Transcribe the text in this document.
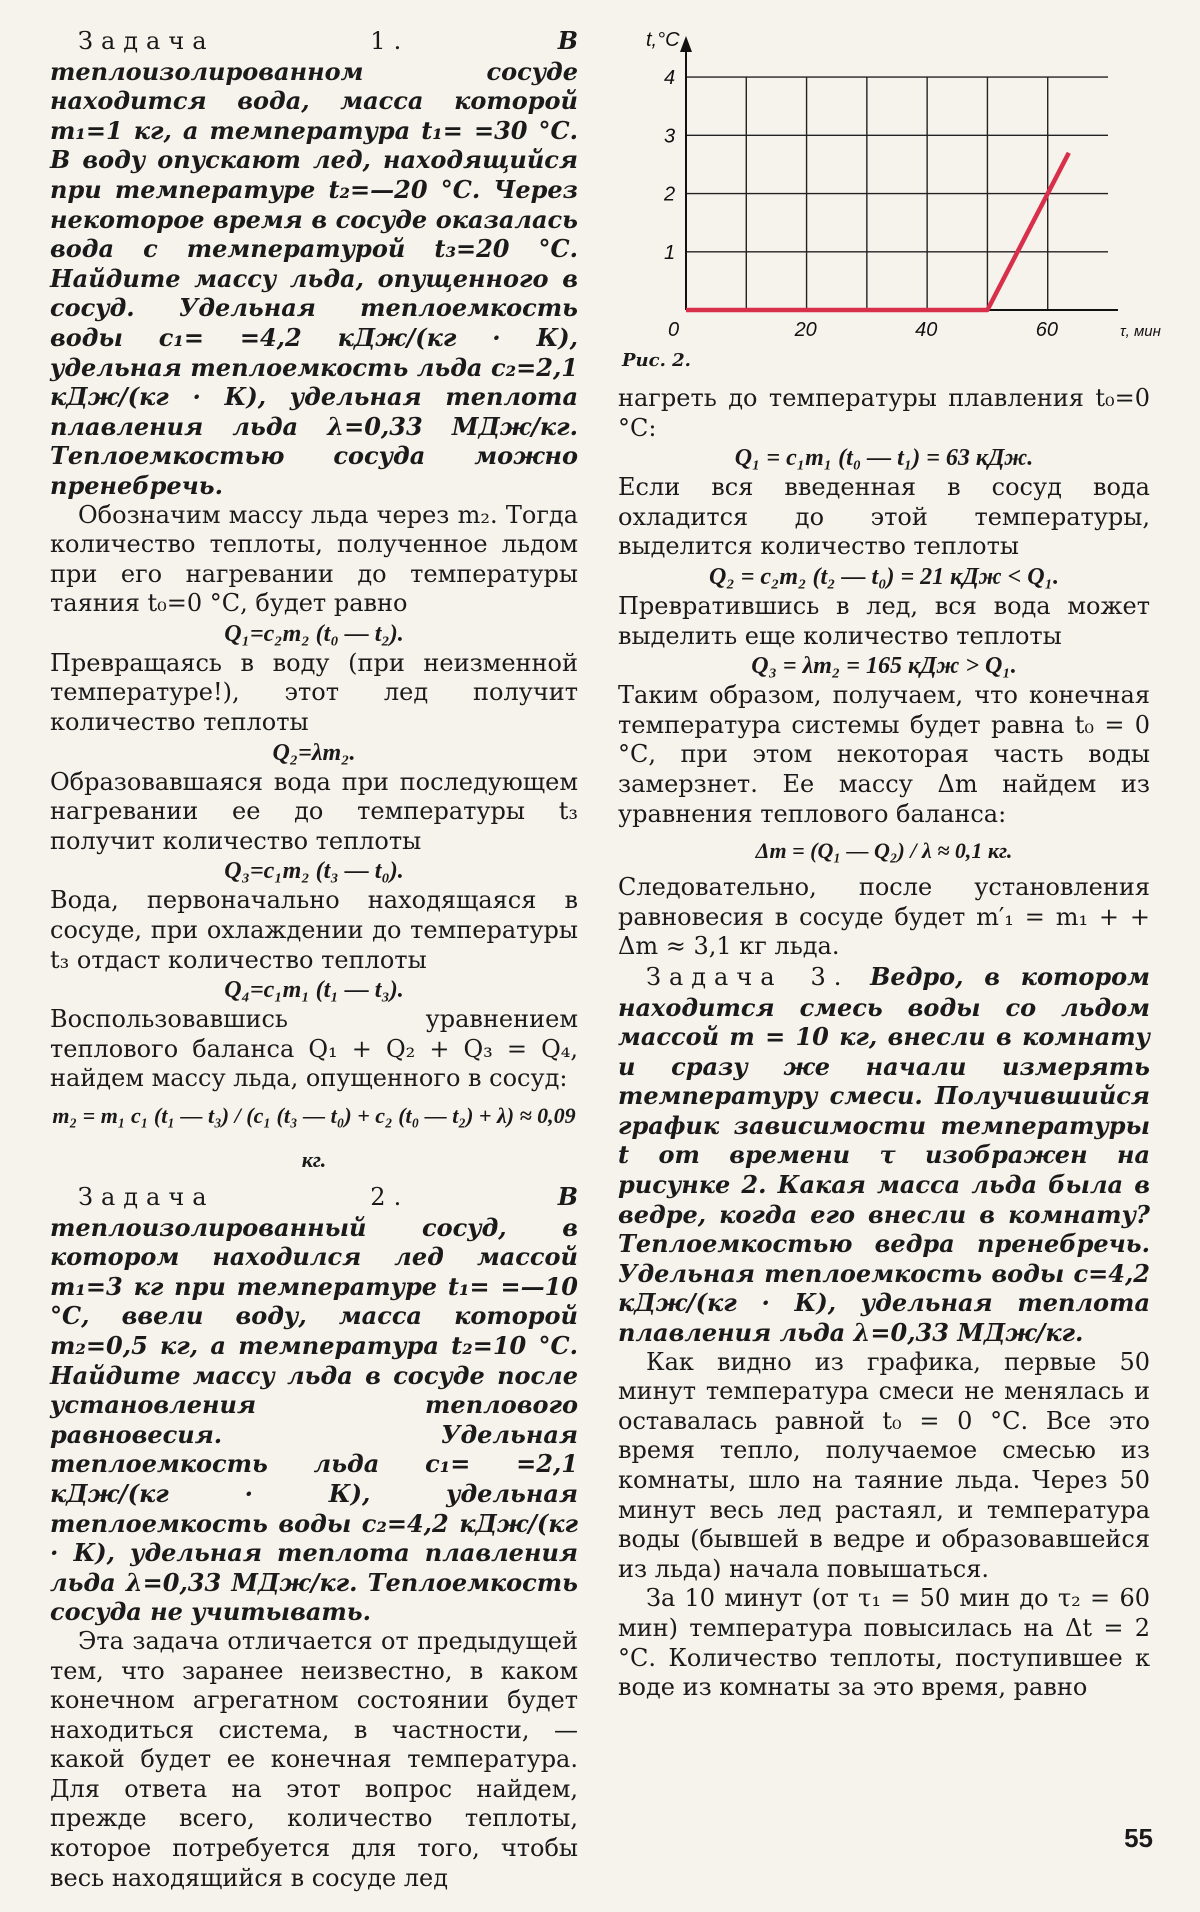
Задача 1.	В теплоизолированном сосуде находится вода, масса которой m₁=1 кг, а температура t₁= =30 °С. В воду опускают лед, находящийся при температуре t₂=—20 °С. Через некоторое время в сосуде оказалась вода с температурой t₃=20 °С. Найдите массу льда, опущенного в сосуд. Удельная теплоемкость воды c₁= =4,2 кДж/(кг · К), удельная теплоемкость льда c₂=2,1 кДж/(кг · К), удельная теплота плавления льда λ=0,33 МДж/кг. Теплоемкостью сосуда можно пренебречь.

Обозначим массу льда через m₂. Тогда количество теплоты, полученное льдом при его нагревании до температуры таяния t₀=0 °С, будет равно

Q₁=c₂m₂ (t₀ — t₂).

Превращаясь в воду (при неизменной температуре!), этот лед получит количество теплоты

Q₂=λm₂.

Образовавшаяся вода при последующем нагревании ее до температуры t₃ получит количество теплоты

Q₃=c₁m₂ (t₃ — t₀).

Вода, первоначально находящаяся в сосуде, при охлаждении до температуры t₃ отдаст количество теплоты

Q₄=c₁m₁ (t₁ — t₃).

Воспользовавшись уравнением теплового баланса Q₁ + Q₂ + Q₃ = Q₄, найдем массу льда, опущенного в сосуд:

m₂ = m₁ c₁ (t₁ — t₃) / (c₁ (t₃ — t₀) + c₂ (t₀ — t₂) + λ) ≈ 0,09 кг.

Задача 2.	В теплоизолированный сосуд, в котором находился лед массой m₁=3 кг при температуре t₁= =—10 °С, ввели воду, масса которой m₂=0,5 кг, а температура t₂=10 °С. Найдите массу льда в сосуде после установления теплового равновесия. Удельная теплоемкость льда c₁= =2,1 кДж/(кг · К), удельная теплоемкость воды c₂=4,2 кДж/(кг · К), удельная теплота плавления льда λ=0,33 МДж/кг. Теплоемкость сосуда не учитывать.

Эта задача отличается от предыдущей тем, что заранее неизвестно, в каком конечном агрегатном состоянии будет находиться система, в частности, — какой будет ее конечная температура. Для ответа на этот вопрос найдем, прежде всего, количество теплоты, которое потребуется для того, чтобы весь находящийся в сосуде лед

1
2
3
4
0	20	40	60
t,°C
τ, мин
Рис. 2.

нагреть до температуры плавления t₀=0 °С:

Q₁ = c₁m₁ (t₀ — t₁) = 63 кДж.

Если вся введенная в сосуд вода охладится до этой температуры, выделится количество теплоты

Q₂ = c₂m₂ (t₂ — t₀) = 21 кДж < Q₁.

Превратившись в лед, вся вода может выделить еще количество теплоты

Q₃ = λm₂ = 165 кДж > Q₁.

Таким образом, получаем, что конечная температура системы будет равна t₀ = 0 °С, при этом некоторая часть воды замерзнет. Ее массу Δm найдем из уравнения теплового баланса:

Δm = (Q₁ — Q₂) / λ ≈ 0,1 кг.

Следовательно, после установления равновесия в сосуде будет m′₁ = m₁ + + Δm ≈ 3,1 кг льда.

Задача 3. Ведро, в котором находится смесь воды со льдом массой m = 10 кг, внесли в комнату и сразу же начали измерять температуру смеси. Получившийся график зависимости температуры t от времени τ изображен на рисунке 2. Какая масса льда была в ведре, когда его внесли в комнату? Теплоемкостью ведра пренебречь. Удельная теплоемкость воды c=4,2 кДж/(кг · К), удельная теплота плавления льда λ=0,33 МДж/кг.

Как видно из графика, первые 50 минут температура смеси не менялась и оставалась равной t₀ = 0 °С. Все это время тепло, получаемое смесью из комнаты, шло на таяние льда. Через 50 минут весь лед растаял, и температура воды (бывшей в ведре и образовавшейся из льда) начала повышаться.

За 10 минут (от τ₁ = 50 мин до τ₂ = 60 мин) температура повысилась на Δt = 2 °С. Количество теплоты, поступившее к воде из комнаты за это время, равно

55
